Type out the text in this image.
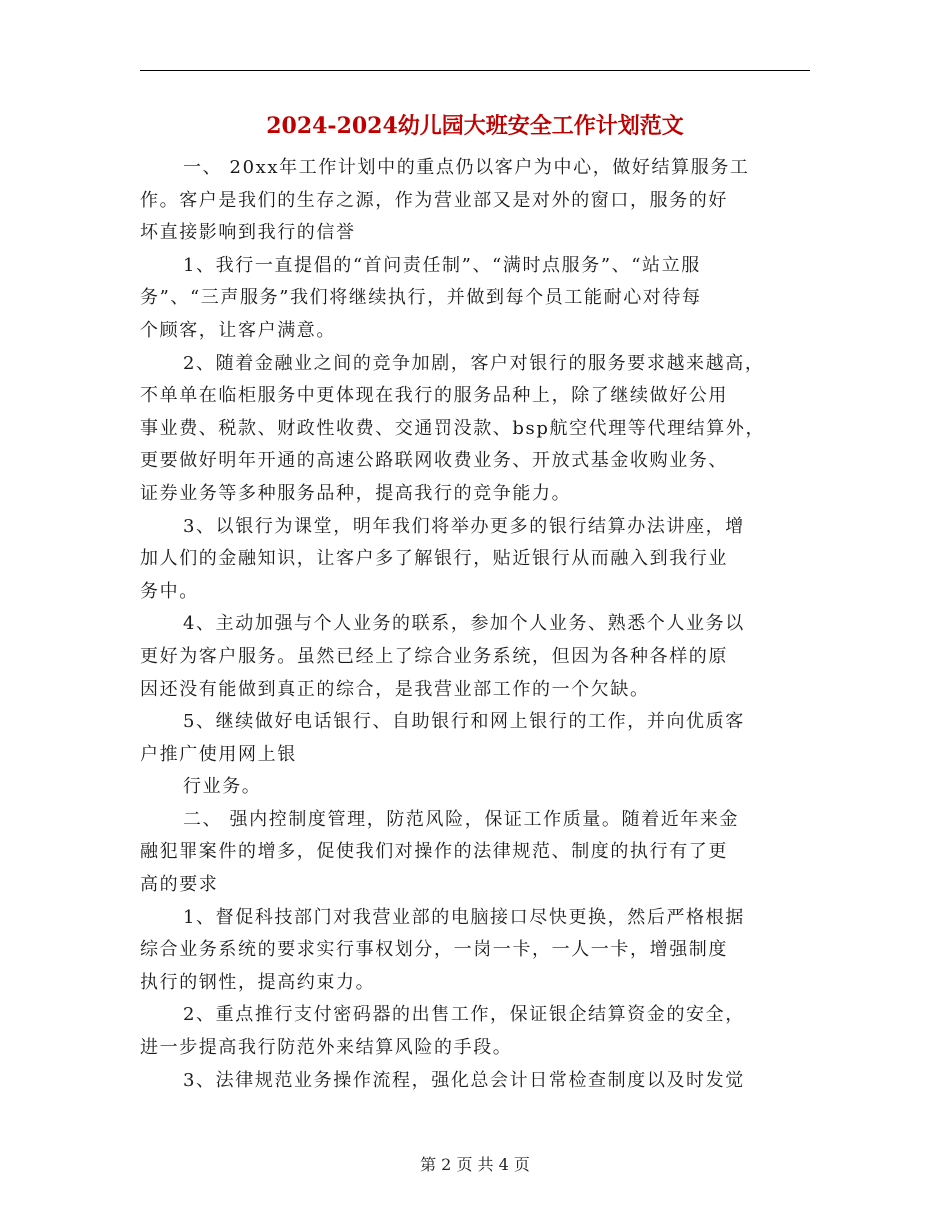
2024-2024幼儿园大班安全工作计划范文
一、 20xx年工作计划中的重点仍以客户为中心，做好结算服务工
作。客户是我们的生存之源，作为营业部又是对外的窗口，服务的好
坏直接影响到我行的信誉
1、我行一直提倡的“首问责任制”、“满时点服务”、“站立服
务”、“三声服务”我们将继续执行，并做到每个员工能耐心对待每
个顾客，让客户满意。
2、随着金融业之间的竞争加剧，客户对银行的服务要求越来越高，
不单单在临柜服务中更体现在我行的服务品种上，除了继续做好公用
事业费、税款、财政性收费、交通罚没款、bsp航空代理等代理结算外，
更要做好明年开通的高速公路联网收费业务、开放式基金收购业务、
证券业务等多种服务品种，提高我行的竞争能力。
3、以银行为课堂，明年我们将举办更多的银行结算办法讲座，增
加人们的金融知识，让客户多了解银行，贴近银行从而融入到我行业
务中。
4、主动加强与个人业务的联系，参加个人业务、熟悉个人业务以
更好为客户服务。虽然已经上了综合业务系统，但因为各种各样的原
因还没有能做到真正的综合，是我营业部工作的一个欠缺。
5、继续做好电话银行、自助银行和网上银行的工作，并向优质客
户推广使用网上银
行业务。
二、 强内控制度管理，防范风险，保证工作质量。随着近年来金
融犯罪案件的增多，促使我们对操作的法律规范、制度的执行有了更
高的要求
1、督促科技部门对我营业部的电脑接口尽快更换，然后严格根据
综合业务系统的要求实行事权划分，一岗一卡，一人一卡，增强制度
执行的钢性，提高约束力。
2、重点推行支付密码器的出售工作，保证银企结算资金的安全，
进一步提高我行防范外来结算风险的手段。
3、法律规范业务操作流程，强化总会计日常检查制度以及时发觉
第 2 页 共 4 页
